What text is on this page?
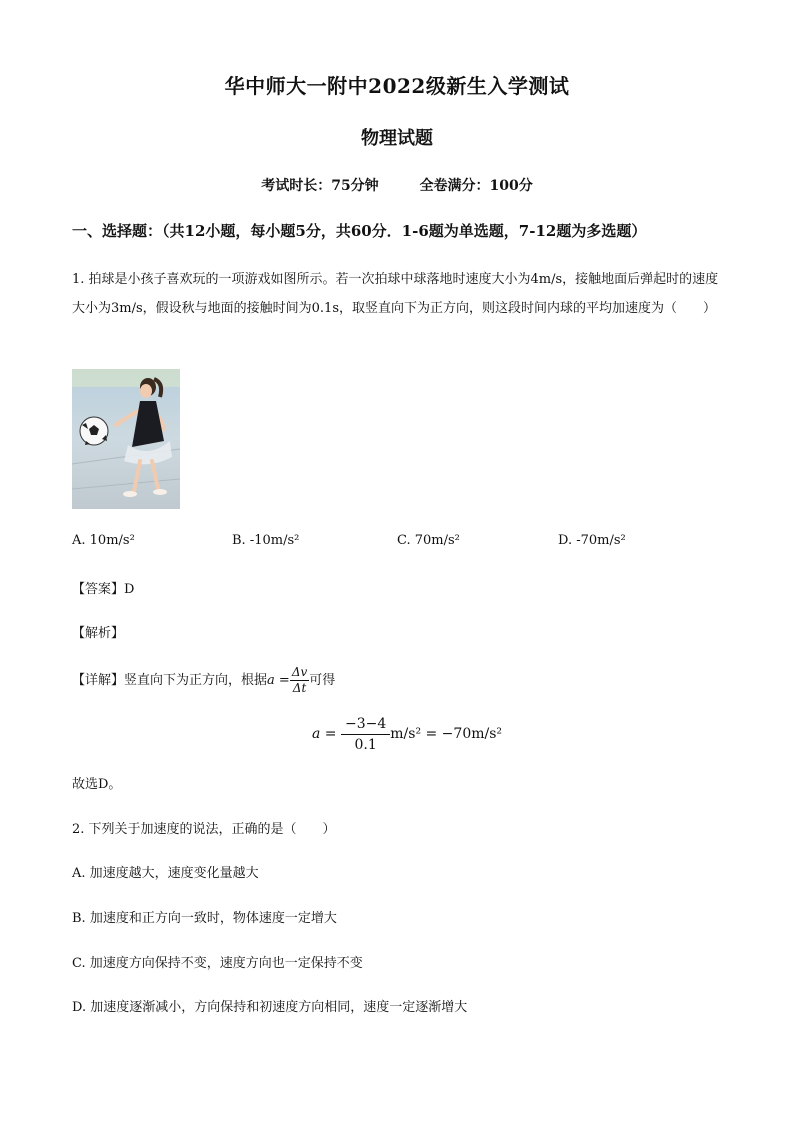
华中师大一附中2022级新生入学测试
物理试题
考试时长：75分钟	全卷满分：100分
一、选择题：（共12小题，每小题5分，共60分．1-6题为单选题，7-12题为多选题）
1. 拍球是小孩子喜欢玩的一项游戏如图所示。若一次拍球中球落地时速度大小为4m/s，接触地面后弹起时的速度大小为3m/s，假设秋与地面的接触时间为0.1s，取竖直向下为正方向，则这段时间内球的平均加速度为（　　）
A. 10m/s²	B. -10m/s²	C. 70m/s²	D. -70m/s²
【答案】D
【解析】
【详解】竖直向下为正方向，根据$a = \frac{\Delta v}{\Delta t}$ 可得
$a = \frac{-3-4}{0.1} m/s^2 = -70m/s^2$
故选D。
2. 下列关于加速度的说法，正确的是（　　）
A. 加速度越大，速度变化量越大
B. 加速度和正方向一致时，物体速度一定增大
C. 加速度方向保持不变，速度方向也一定保持不变
D. 加速度逐渐减小，方向保持和初速度方向相同，速度一定逐渐增大
